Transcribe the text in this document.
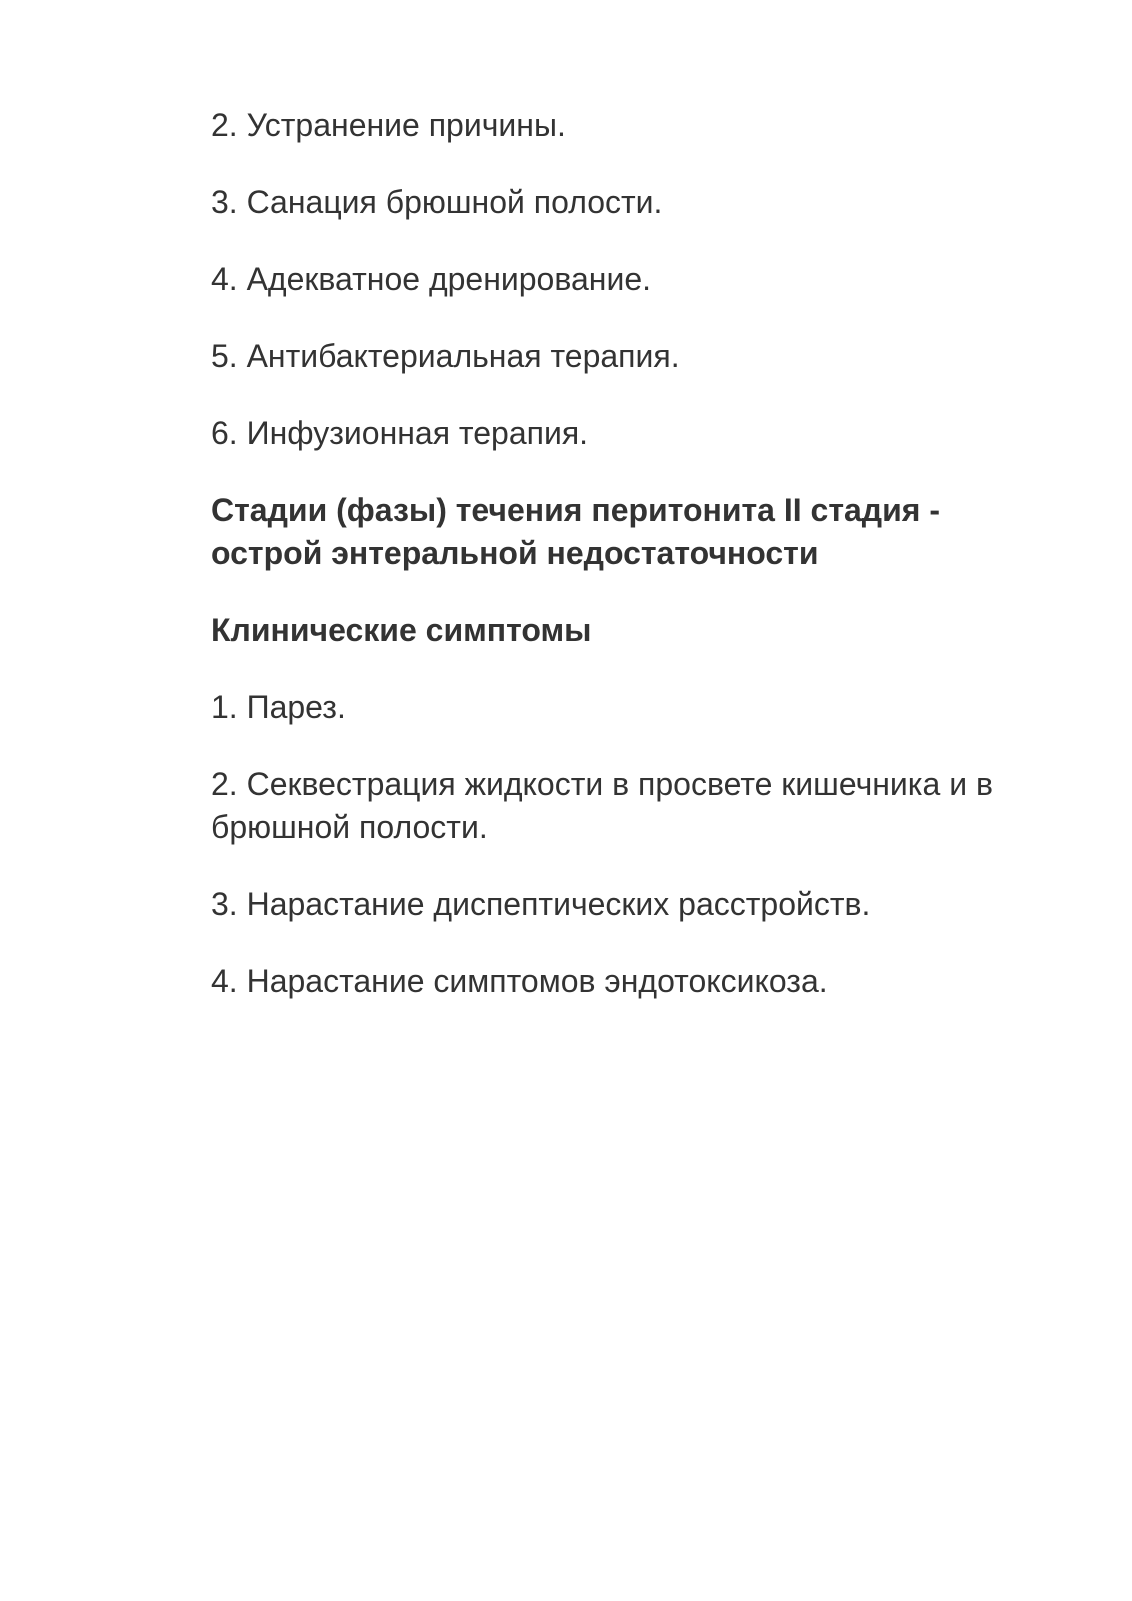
2. Устранение причины.

3. Санация брюшной полости.

4. Адекватное дренирование.

5. Антибактериальная терапия.

6. Инфузионная терапия.

Стадии (фазы) течения перитонита II стадия - острой энтеральной недостаточности

Клинические симптомы

1. Парез.

2. Секвестрация жидкости в просвете кишечника и в брюшной полости.

3. Нарастание диспептических расстройств.

4. Нарастание симптомов эндотоксикоза.
